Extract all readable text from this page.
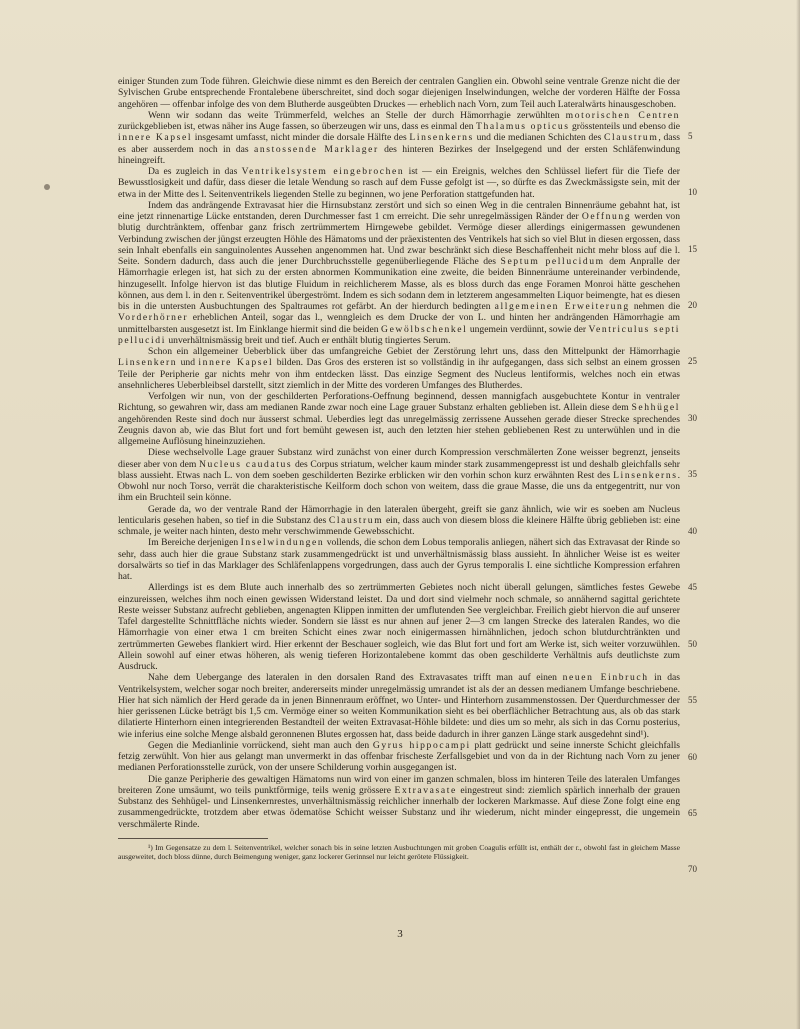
einiger Stunden zum Tode führen. Gleichwie diese nimmt es den Bereich der centralen Ganglien ein. Obwohl seine ventrale Grenze nicht die der Sylvischen Grube entsprechende Frontalebene überschreitet, sind doch sogar diejenigen Inselwindungen, welche der vorderen Hälfte der Fossa angehören — offenbar infolge des von dem Blutherde ausgeübten Druckes — erheblich nach Vorn, zum Teil auch Lateralwärts hinausgeschoben.

Wenn wir sodann das weite Trümmerfeld, welches an Stelle der durch Hämorrhagie zerwühlten motorischen Centren zurückgeblieben ist, etwas näher ins Auge fassen, so überzeugen wir uns, dass es einmal den Thalamus opticus grösstenteils und ebenso die innere Kapsel insgesamt umfasst, nicht minder die dorsale Hälfte des Linsenkerns und die medianen Schichten des Claustrum, dass es aber ausserdem noch in das anstossende Marklager des hinteren Bezirkes der Inselgegend und der ersten Schläfenwindung hineingreift.

Da es zugleich in das Ventrikelsystem eingebrochen ist — ein Ereignis, welches den Schlüssel liefert für die Tiefe der Bewusstlosigkeit und dafür, dass dieser die letale Wendung so rasch auf dem Fusse gefolgt ist —, so dürfte es das Zweckmässigste sein, mit der etwa in der Mitte des l. Seitenventrikels liegenden Stelle zu beginnen, wo jene Perforation stattgefunden hat.

Indem das andrängende Extravasat hier die Hirnsubstanz zerstört und sich so einen Weg in die centralen Binnenräume gebahnt hat, ist eine jetzt rinnenartige Lücke entstanden, deren Durchmesser fast 1 cm erreicht. Die sehr unregelmässigen Ränder der Oeffnung werden von blutig durchtränktem, offenbar ganz frisch zertrümmertem Hirngewebe gebildet. Vermöge dieser allerdings einigermassen gewundenen Verbindung zwischen der jüngst erzeugten Höhle des Hämatoms und der präexistenten des Ventrikels hat sich so viel Blut in diesen ergossen, dass sein Inhalt ebenfalls ein sanguinolentes Aussehen angenommen hat. Und zwar beschränkt sich diese Beschaffenheit nicht mehr bloss auf die l. Seite. Sondern dadurch, dass auch die jener Durchbruchsstelle gegenüberliegende Fläche des Septum pellucidum dem Anpralle der Hämorrhagie erlegen ist, hat sich zu der ersten abnormen Kommunikation eine zweite, die beiden Binnenräume untereinander verbindende, hinzugesellt. Infolge hiervon ist das blutige Fluidum in reichlicherem Masse, als es bloss durch das enge Foramen Monroi hätte geschehen können, aus dem l. in den r. Seitenventrikel übergeströmt. Indem es sich sodann dem in letzterem angesammelten Liquor beimengte, hat es diesen bis in die untersten Ausbuchtungen des Spaltraumes rot gefärbt. An der hierdurch bedingten allgemeinen Erweiterung nehmen die Vorderhörner erheblichen Anteil, sogar das l., wenngleich es dem Drucke der von L. und hinten her andrängenden Hämorrhagie am unmittelbarsten ausgesetzt ist. Im Einklange hiermit sind die beiden Gewölbschenkel ungemein verdünnt, sowie der Ventriculus septi pellucidi unverhältnismässig breit und tief. Auch er enthält blutig tingiertes Serum.

Schon ein allgemeiner Ueberblick über das umfangreiche Gebiet der Zerstörung lehrt uns, dass den Mittelpunkt der Hämorrhagie Linsenkern und innere Kapsel bilden. Das Gros des ersteren ist so vollständig in ihr aufgegangen, dass sich selbst an einem grossen Teile der Peripherie gar nichts mehr von ihm entdecken lässt. Das einzige Segment des Nucleus lentiformis, welches noch ein etwas ansehnlicheres Ueberbleibsel darstellt, sitzt ziemlich in der Mitte des vorderen Umfanges des Blutherdes.

Verfolgen wir nun, von der geschilderten Perforations-Oeffnung beginnend, dessen mannigfach ausgebuchtete Kontur in ventraler Richtung, so gewahren wir, dass am medianen Rande zwar noch eine Lage grauer Substanz erhalten geblieben ist. Allein diese dem Sehhügel angehörenden Reste sind doch nur äusserst schmal. Ueberdies legt das unregelmässig zerrissene Aussehen gerade dieser Strecke sprechendes Zeugnis davon ab, wie das Blut fort und fort bemüht gewesen ist, auch den letzten hier stehen gebliebenen Rest zu unterwühlen und in die allgemeine Auflösung hineinzuziehen.

Diese wechselvolle Lage grauer Substanz wird zunächst von einer durch Kompression verschmälerten Zone weisser begrenzt, jenseits dieser aber von dem Nucleus caudatus des Corpus striatum, welcher kaum minder stark zusammengepresst ist und deshalb gleichfalls sehr blass aussieht. Etwas nach L. von dem soeben geschilderten Bezirke erblicken wir den vorhin schon kurz erwähnten Rest des Linsenkerns. Obwohl nur noch Torso, verrät die charakteristische Keilform doch schon von weitem, dass die graue Masse, die uns da entgegentritt, nur von ihm ein Bruchteil sein könne.

Gerade da, wo der ventrale Rand der Hämorrhagie in den lateralen übergeht, greift sie ganz ähnlich, wie wir es soeben am Nucleus lenticularis gesehen haben, so tief in die Substanz des Claustrum ein, dass auch von diesem bloss die kleinere Hälfte übrig geblieben ist: eine schmale, je weiter nach hinten, desto mehr verschwimmende Gewebsschicht.

Im Bereiche derjenigen Inselwindungen vollends, die schon dem Lobus temporalis anliegen, nähert sich das Extravasat der Rinde so sehr, dass auch hier die graue Substanz stark zusammengedrückt ist und unverhältnismässig blass aussieht. In ähnlicher Weise ist es weiter dorsalwärts so tief in das Marklager des Schläfenlappens vorgedrungen, dass auch der Gyrus temporalis I. eine sichtliche Kompression erfahren hat.

Allerdings ist es dem Blute auch innerhalb des so zertrümmerten Gebietes noch nicht überall gelungen, sämtliches festes Gewebe einzureissen, welches ihm noch einen gewissen Widerstand leistet. Da und dort sind vielmehr noch schmale, so annähernd sagittal gerichtete Reste weisser Substanz aufrecht geblieben, angenagten Klippen inmitten der umflutenden See vergleichbar. Freilich giebt hiervon die auf unserer Tafel dargestellte Schnittfläche nichts wieder. Sondern sie lässt es nur ahnen auf jener 2—3 cm langen Strecke des lateralen Randes, wo die Hämorrhagie von einer etwa 1 cm breiten Schicht eines zwar noch einigermassen hirnähnlichen, jedoch schon blutdurchtränkten und zertrümmerten Gewebes flankiert wird. Hier erkennt der Beschauer sogleich, wie das Blut fort und fort am Werke ist, sich weiter vorzuwühlen. Allein sowohl auf einer etwas höheren, als wenig tieferen Horizontalebene kommt das oben geschilderte Verhältnis aufs deutlichste zum Ausdruck.

Nahe dem Uebergange des lateralen in den dorsalen Rand des Extravasates trifft man auf einen neuen Einbruch in das Ventrikelsystem, welcher sogar noch breiter, andererseits minder unregelmässig umrandet ist als der an dessen medianem Umfange beschriebene. Hier hat sich nämlich der Herd gerade da in jenen Binnenraum eröffnet, wo Unter- und Hinterhorn zusammenstossen. Der Querdurchmesser der hier gerissenen Lücke beträgt bis 1,5 cm. Vermöge einer so weiten Kommunikation sieht es bei oberflächlicher Betrachtung aus, als ob das stark dilatierte Hinterhorn einen integrierenden Bestandteil der weiten Extravasat-Höhle bildete: und dies um so mehr, als sich in das Cornu posterius, wie inferius eine solche Menge alsbald geronnenen Blutes ergossen hat, dass beide dadurch in ihrer ganzen Länge stark ausgedehnt sind¹).

Gegen die Medianlinie vorrückend, sieht man auch den Gyrus hippocampi platt gedrückt und seine innerste Schicht gleichfalls fetzig zerwühlt. Von hier aus gelangt man unvermerkt in das offenbar frischeste Zerfallsgebiet und von da in der Richtung nach Vorn zu jener medianen Perforationsstelle zurück, von der unsere Schilderung vorhin ausgegangen ist.

Die ganze Peripherie des gewaltigen Hämatoms nun wird von einer im ganzen schmalen, bloss im hinteren Teile des lateralen Umfanges breiteren Zone umsäumt, wo teils punktförmige, teils wenig grössere Extravasate eingestreut sind: ziemlich spärlich innerhalb der grauen Substanz des Sehhügel- und Linsenkernrestes, unverhältnismässig reichlicher innerhalb der lockeren Markmasse. Auf diese Zone folgt eine eng zusammengedrückte, trotzdem aber etwas ödematöse Schicht weisser Substanz und ihr wiederum, nicht minder eingepresst, die ungemein verschmälerte Rinde.

¹) Im Gegensatze zu dem l. Seitenventrikel, welcher sonach bis in seine letzten Ausbuchtungen mit groben Coagulis erfüllt ist, enthält der r., obwohl fast in gleichem Masse ausgeweitet, doch bloss dünne, durch Beimengung weniger, ganz lockerer Gerinnsel nur leicht gerötete Flüssigkeit.

5
10
15
20
25
30
35
40
45
50
55
60
65
70
3
